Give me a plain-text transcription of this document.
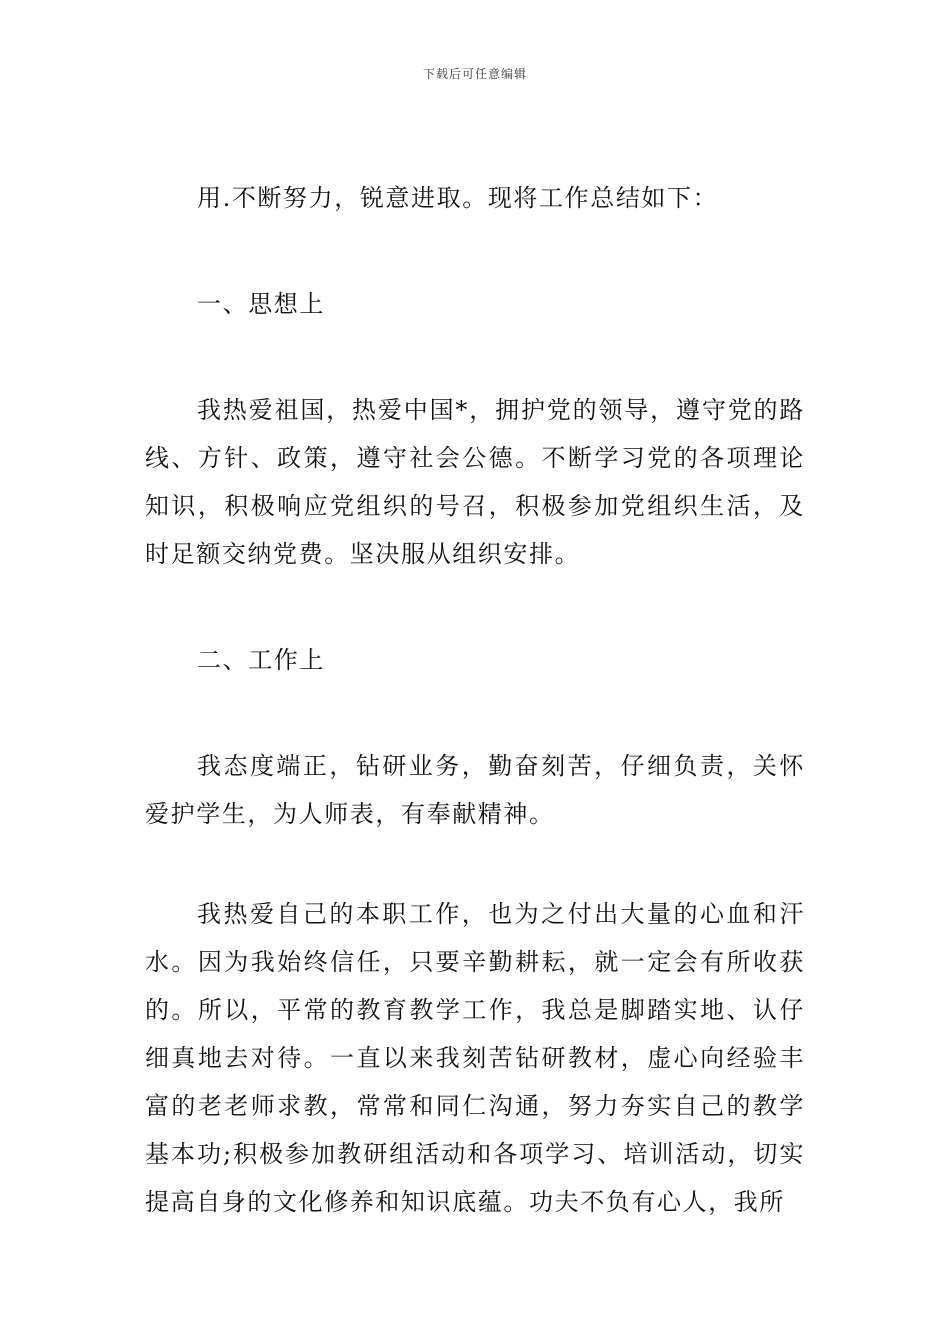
下载后可任意编辑

用.不断努力，锐意进取。现将工作总结如下：

一、思想上

我热爱祖国，热爱中国*，拥护党的领导，遵守党的路线、方针、政策，遵守社会公德。不断学习党的各项理论知识，积极响应党组织的号召，积极参加党组织生活，及时足额交纳党费。坚决服从组织安排。

二、工作上

我态度端正，钻研业务，勤奋刻苦，仔细负责，关怀爱护学生，为人师表，有奉献精神。

我热爱自己的本职工作，也为之付出大量的心血和汗水。因为我始终信任，只要辛勤耕耘，就一定会有所收获的。所以，平常的教育教学工作，我总是脚踏实地、认仔细真地去对待。一直以来我刻苦钻研教材，虚心向经验丰富的老老师求教，常常和同仁沟通，努力夯实自己的教学基本功;积极参加教研组活动和各项学习、培训活动，切实提高自身的文化修养和知识底蕴。功夫不负有心人，我所
